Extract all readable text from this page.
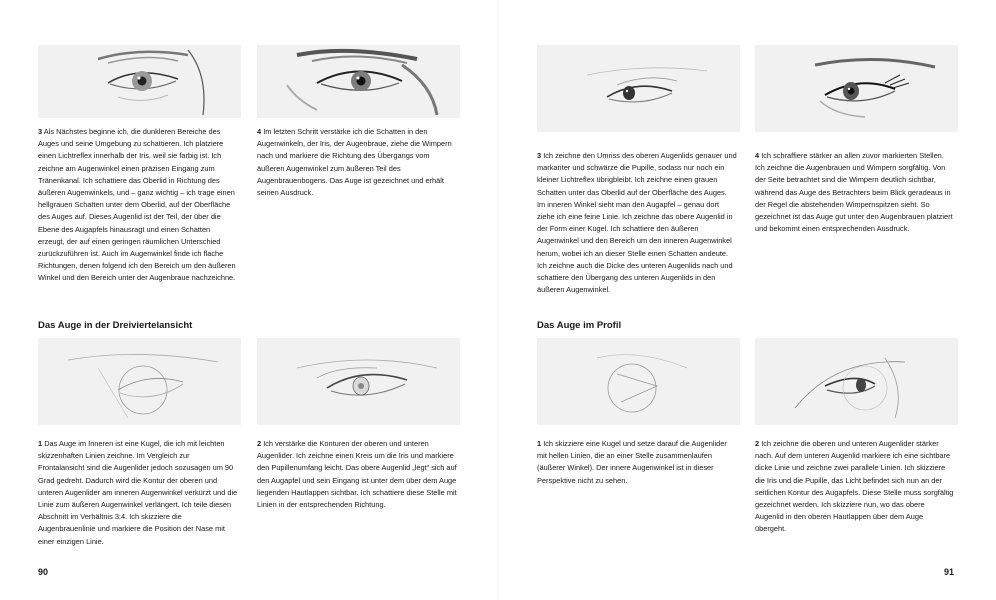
3 Als Nächstes beginne ich, die dunkleren Bereiche des Auges und seine Umgebung zu schattieren. Ich platziere einen Lichtreflex innerhalb der Iris, weil sie farbig ist. Ich zeichne am Augenwinkel einen präzisen Eingang zum Tränenkanal. Ich schattiere das Oberlid in Richtung des äußeren Augenwinkels, und – ganz wichtig – ich trage einen hellgrauen Schatten unter dem Oberlid, auf der Oberfläche des Auges auf. Dieses Augenlid ist der Teil, der über die Ebene des Augapfels hinausragt und einen Schatten erzeugt, der auf einen geringen räumlichen Unterschied zurückzuführen ist. Auch im Augenwinkel finde ich flache Richtungen, denen folgend ich den Bereich um den äußeren Winkel und den Bereich unter der Augenbraue nachzeichne.

4 Im letzten Schritt verstärke ich die Schatten in den Augenwinkeln, der Iris, der Augenbraue, ziehe die Wimpern nach und markiere die Richtung des Übergangs vom äußeren Augenwinkel zum äußeren Teil des Augenbrauenbogens. Das Auge ist gezeichnet und erhält seinen Ausdruck.

Das Auge in der Dreiviertelansicht

1 Das Auge im Inneren ist eine Kugel, die ich mit leichten skizzenhaften Linien zeichne. Im Vergleich zur Frontalansicht sind die Augenlider jedoch sozusagen um 90 Grad gedreht. Dadurch wird die Kontur der oberen und unteren Augenlider am inneren Augenwinkel verkürzt und die Linie zum äußeren Augenwinkel verlängert. Ich teile diesen Abschnitt im Verhältnis 3:4. Ich skizziere die Augenbrauenlinie und markiere die Position der Nase mit einer einzigen Linie.

2 Ich verstärke die Konturen der oberen und unteren Augenlider. Ich zeichne einen Kreis um die Iris und markiere den Pupillenumfang leicht. Das obere Augenlid „legt“ sich auf den Augapfel und sein Eingang ist unter dem über dem Auge liegenden Hautlappen sichtbar. Ich schattiere diese Stelle mit Linien in der entsprechenden Richtung.

90

3 Ich zeichne den Umriss des oberen Augenlids genauer und markanter und schwärze die Pupille, sodass nur noch ein kleiner Lichtreflex übrigbleibt. Ich zeichne einen grauen Schatten unter das Oberlid auf der Oberfläche des Auges. Im inneren Winkel sieht man den Augapfel – genau dort ziehe ich eine feine Linie. Ich zeichne das obere Augenlid in der Form einer Kugel. Ich schattiere den äußeren Augenwinkel und den Bereich um den inneren Augenwinkel herum, wobei ich an dieser Stelle einen Schatten andeute. Ich zeichne auch die Dicke des unteren Augenlids nach und schattiere den Übergang des unteren Augenlids in den äußeren Augenwinkel.

4 Ich schraffiere stärker an allen zuvor markierten Stellen. Ich zeichne die Augenbrauen und Wimpern sorgfältig. Von der Seite betrachtet sind die Wimpern deutlich sichtbar, während das Auge des Betrachters beim Blick geradeaus in der Regel die abstehenden Wimpernspitzen sieht. So gezeichnet ist das Auge gut unter den Augenbrauen platziert und bekommt einen entsprechenden Ausdruck.

Das Auge im Profil

1 Ich skizziere eine Kugel und setze darauf die Augenlider mit hellen Linien, die an einer Stelle zusammenlaufen (äußerer Winkel). Der innere Augenwinkel ist in dieser Perspektive nicht zu sehen.

2 Ich zeichne die oberen und unteren Augenlider stärker nach. Auf dem unteren Augenlid markiere ich eine sichtbare dicke Linie und zeichne zwei parallele Linien. Ich skizziere die Iris und die Pupille, das Licht befindet sich nun an der seitlichen Kontur des Augapfels. Diese Stelle muss sorgfältig gezeichnet werden. Ich skizziere nun, wo das obere Augenlid in den oberen Hautlappen über dem Auge übergeht.

91
